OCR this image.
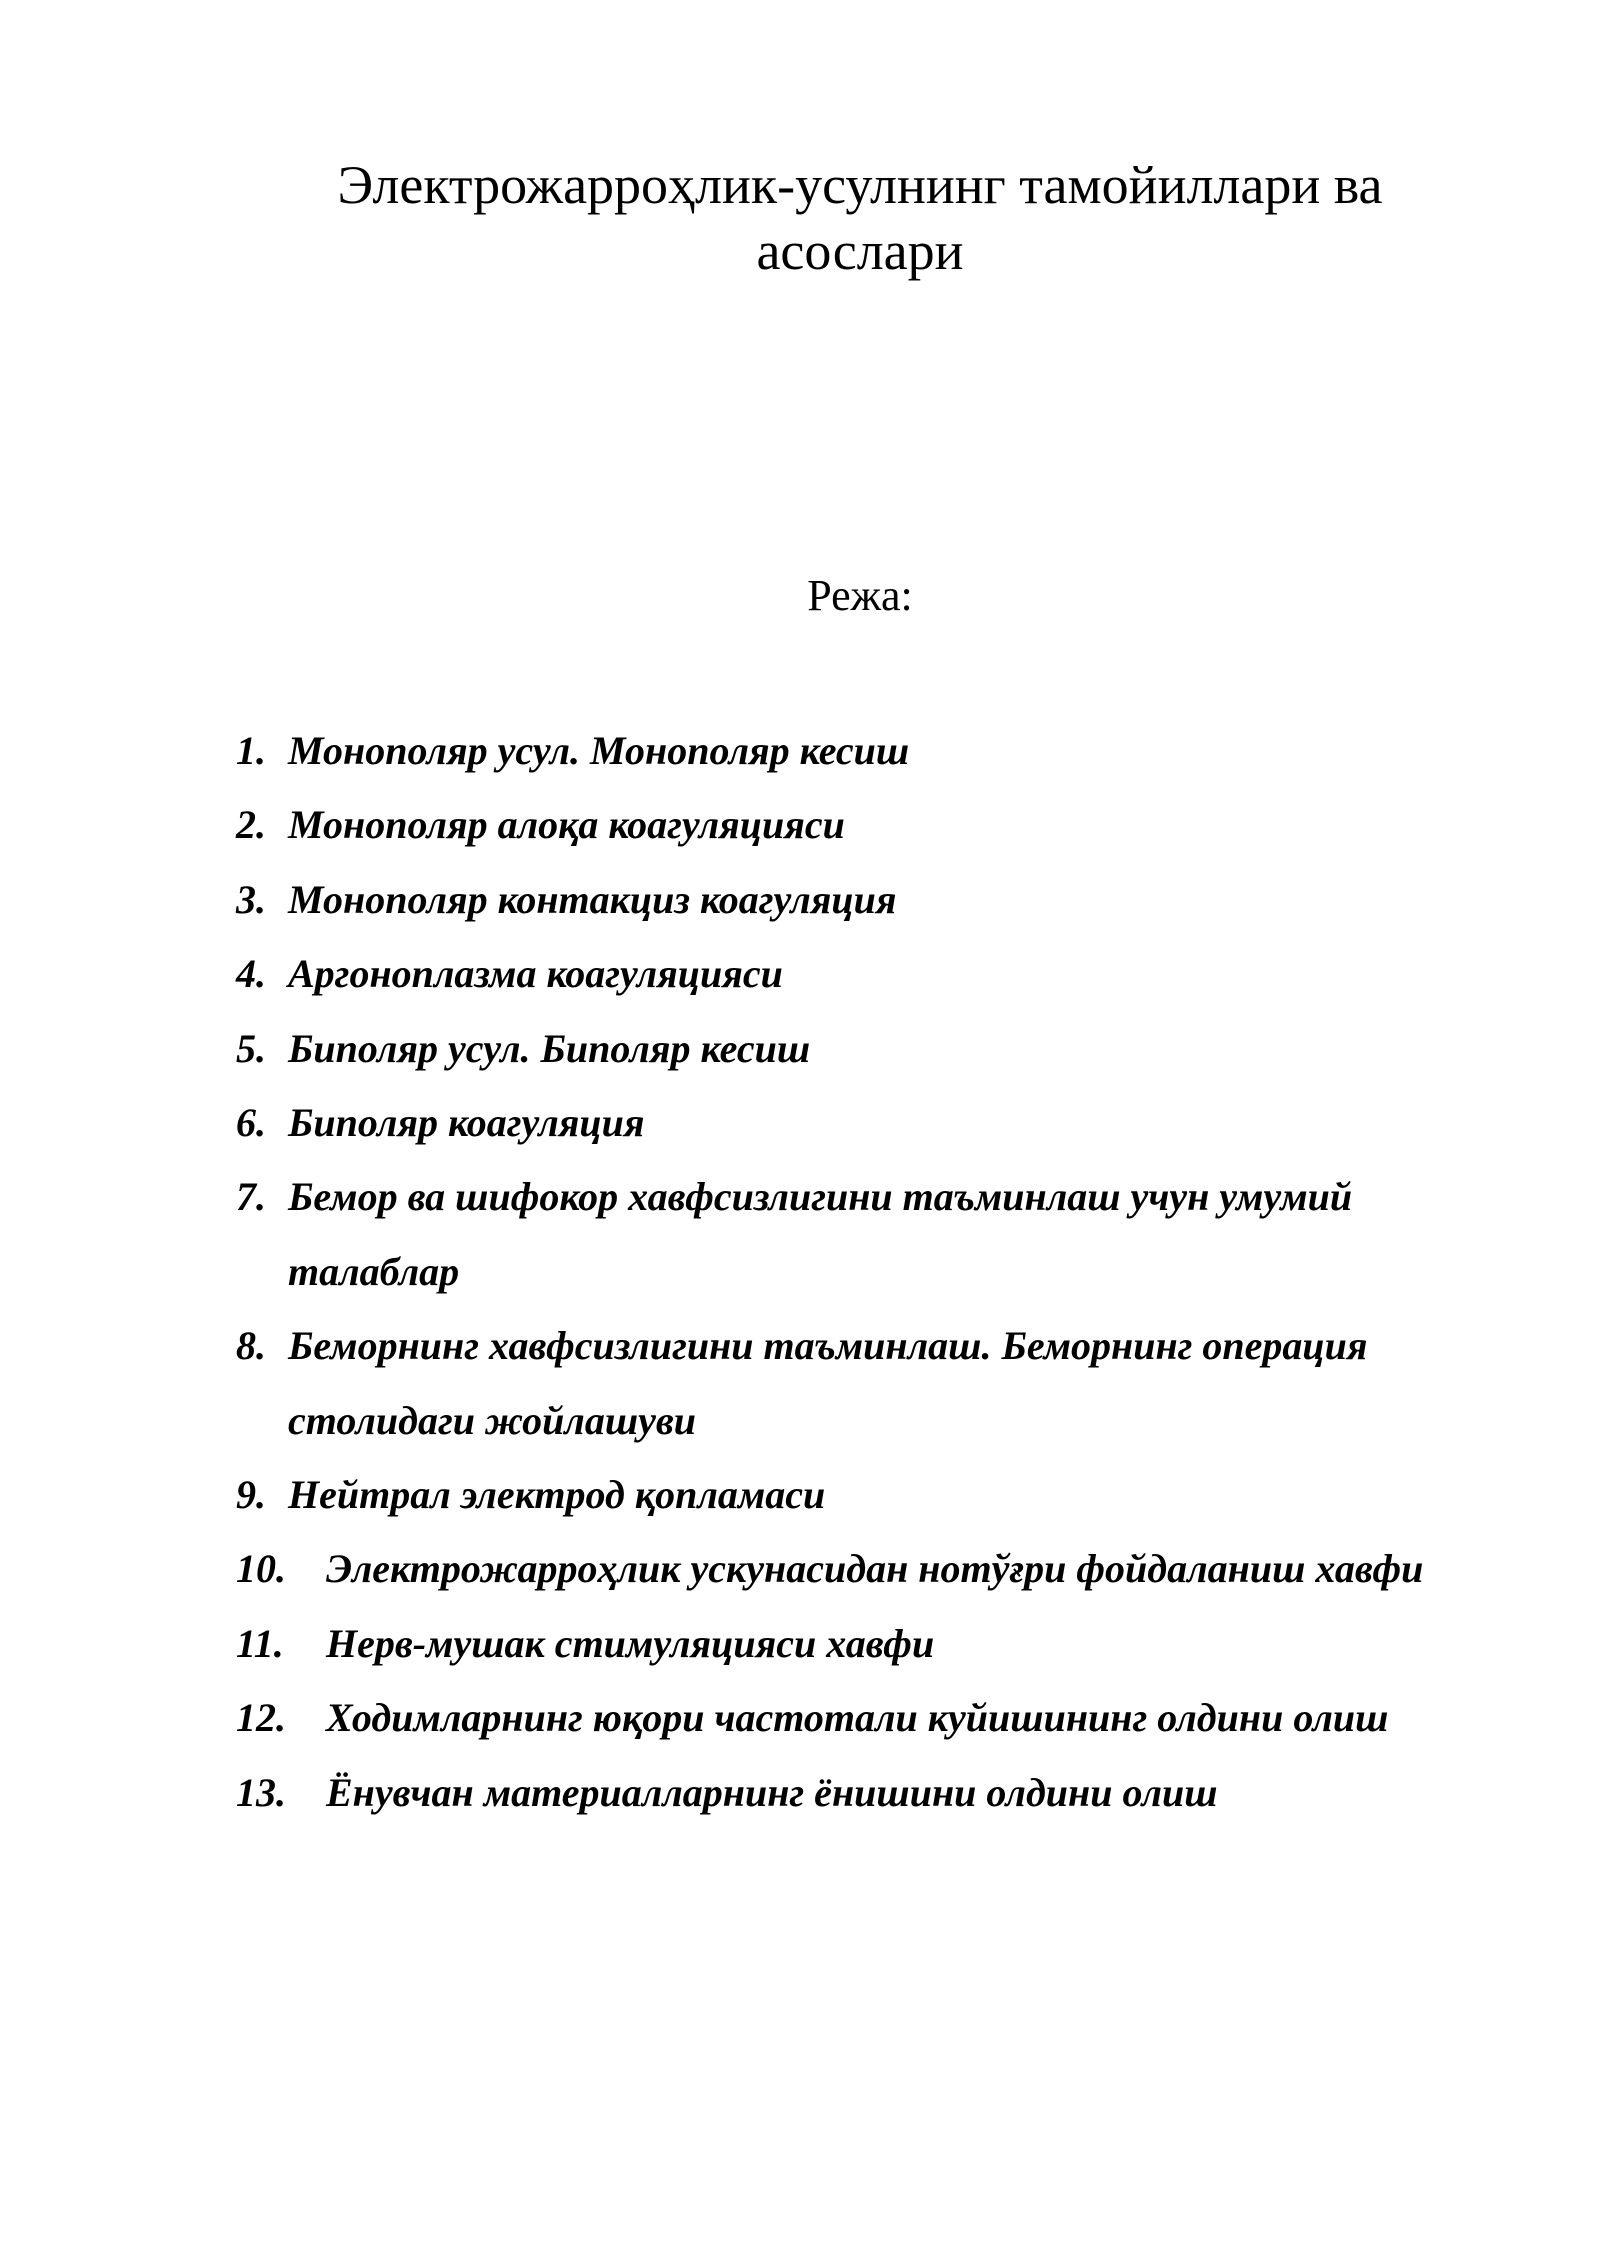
Электрожарроҳлик-усулнинг тамойиллари ва асослари

Режа:

1. Монополяр усул. Монополяр кесиш
2. Монополяр алоқа коагуляцияси
3. Монополяр контакциз коагуляция
4. Аргоноплазма коагуляцияси
5. Биполяр усул. Биполяр кесиш
6. Биполяр коагуляция
7. Бемор ва шифокор хавфсизлигини таъминлаш учун умумий талаблар
8. Беморнинг хавфсизлигини таъминлаш. Беморнинг операция столидаги жойлашуви
9. Нейтрал электрод қопламаси
10. Электрожарроҳлик ускунасидан нотўғри фойдаланиш хавфи
11. Нерв-мушак стимуляцияси хавфи
12. Ходимларнинг юқори частотали куйишининг олдини олиш
13. Ёнувчан материалларнинг ёнишини олдини олиш
